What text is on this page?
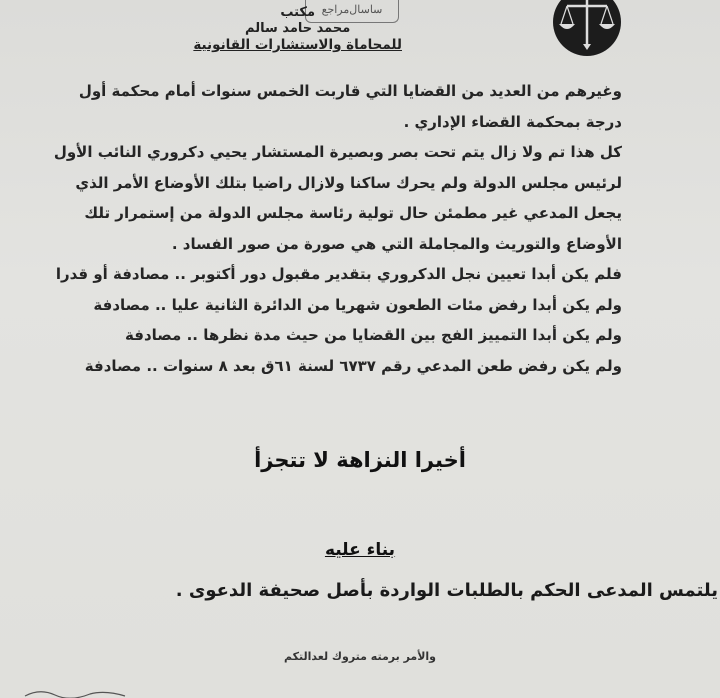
ساسا‌ل‌مراجع
مكتب
محمد حامد سالم
للمحاماة والاستشارات القانونية

وغيرهم من العديد من القضايا التي قاربت الخمس سنوات أمام محكمة أول

درجة بمحكمة القضاء الإداري .

كل هذا تم ولا زال يتم تحت بصر وبصيرة المستشار يحيي دكروري النائب الأول

لرئيس مجلس الدولة ولم يحرك ساكنا ولازال راضيا بتلك الأوضاع الأمر الذي

يجعل المدعي غير مطمئن حال تولية رئاسة مجلس الدولة من إستمرار تلك

الأوضاع والتوريث والمجاملة التي هي صورة من صور الفساد .

فلم يكن أبدا تعيين نجل الدكروري بتقدير مقبول دور أكتوبر .. مصادفة أو قدرا

ولم يكن أبدا رفض مئات الطعون شهريا من الدائرة الثانية عليا .. مصادفة

ولم يكن أبدا التمييز الفج بين القضايا من حيث مدة نظرها .. مصادفة

ولم يكن رفض طعن المدعي رقم ٦٧٣٧ لسنة ٦١ق بعد ٨ سنوات .. مصادفة

أخيرا النزاهة لا تتجزأ
بناء عليه
يلتمس المدعى الحكم بالطلبات الواردة بأصل صحيفة الدعوى .
والأمر برمته متروك لعدالتكم
